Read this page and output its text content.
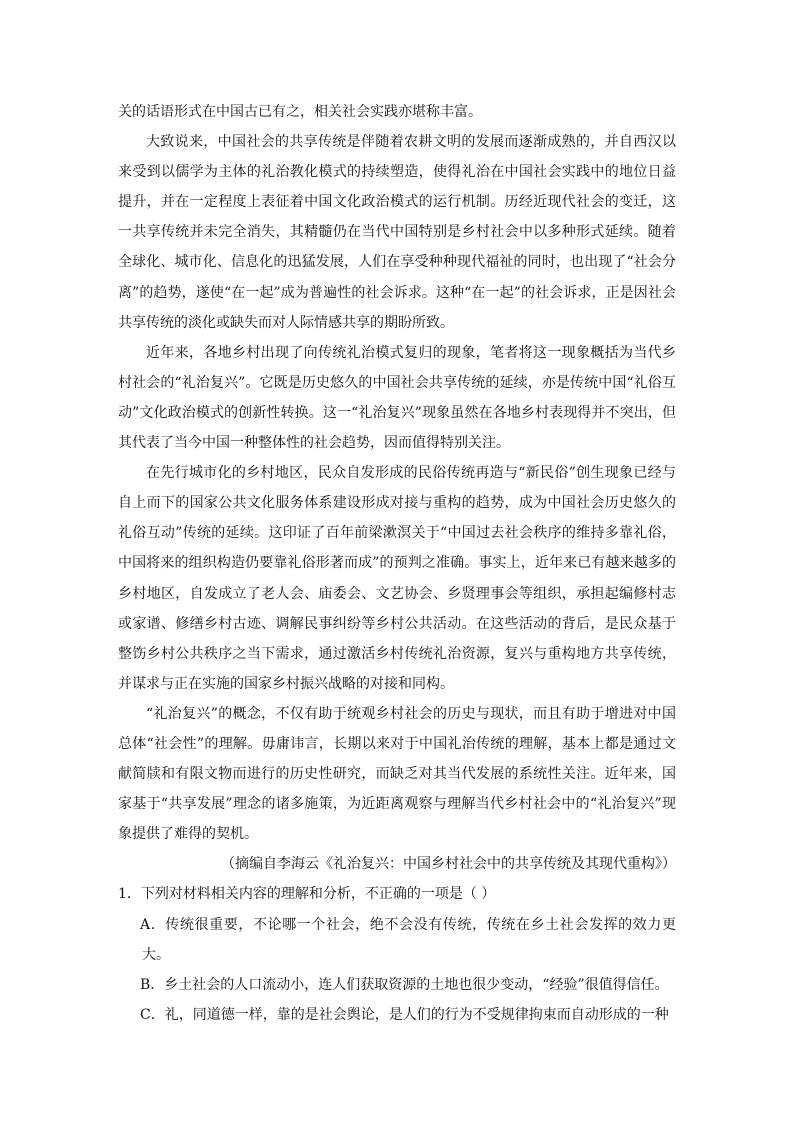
关的话语形式在中国古已有之，相关社会实践亦堪称丰富。

大致说来，中国社会的共享传统是伴随着农耕文明的发展而逐渐成熟的，并自西汉以来受到以儒学为主体的礼治教化模式的持续塑造，使得礼治在中国社会实践中的地位日益提升，并在一定程度上表征着中国文化政治模式的运行机制。历经近现代社会的变迁，这一共享传统并未完全消失，其精髓仍在当代中国特别是乡村社会中以多种形式延续。随着全球化、城市化、信息化的迅猛发展，人们在享受种种现代福祉的同时，也出现了“社会分离”的趋势，遂使“在一起”成为普遍性的社会诉求。这种“在一起”的社会诉求，正是因社会共享传统的淡化或缺失而对人际情感共享的期盼所致。

近年来，各地乡村出现了向传统礼治模式复归的现象，笔者将这一现象概括为当代乡村社会的“礼治复兴”。它既是历史悠久的中国社会共享传统的延续，亦是传统中国“礼俗互动”文化政治模式的创新性转换。这一“礼治复兴”现象虽然在各地乡村表现得并不突出，但其代表了当今中国一种整体性的社会趋势，因而值得特别关注。

在先行城市化的乡村地区，民众自发形成的民俗传统再造与“新民俗”创生现象已经与自上而下的国家公共文化服务体系建设形成对接与重构的趋势，成为中国社会历史悠久的礼俗互动”传统的延续。这印证了百年前梁漱溟关于“中国过去社会秩序的维持多靠礼俗，中国将来的组织构造仍要靠礼俗形著而成”的预判之准确。事实上，近年来已有越来越多的乡村地区，自发成立了老人会、庙委会、文艺协会、乡贤理事会等组织，承担起编修村志或家谱、修缮乡村古迹、调解民事纠纷等乡村公共活动。在这些活动的背后，是民众基于整饬乡村公共秩序之当下需求，通过激活乡村传统礼治资源，复兴与重构地方共享传统，并谋求与正在实施的国家乡村振兴战略的对接和同构。

“礼治复兴”的概念，不仅有助于统观乡村社会的历史与现状，而且有助于增进对中国总体“社会性”的理解。毋庸讳言，长期以来对于中国礼治传统的理解，基本上都是通过文献简牍和有限文物而进行的历史性研究，而缺乏对其当代发展的系统性关注。近年来，国家基于“共享发展”理念的诸多施策，为近距离观察与理解当代乡村社会中的“礼治复兴”现象提供了难得的契机。

（摘编自李海云《礼治复兴：中国乡村社会中的共享传统及其现代重构》）

1．下列对材料相关内容的理解和分析，不正确的一项是（ ）

A．传统很重要，不论哪一个社会，绝不会没有传统，传统在乡土社会发挥的效力更大。

B．乡土社会的人口流动小，连人们获取资源的土地也很少变动，“经验”很值得信任。

C．礼，同道德一样，靠的是社会舆论，是人们的行为不受规律拘束而自动形成的一种
